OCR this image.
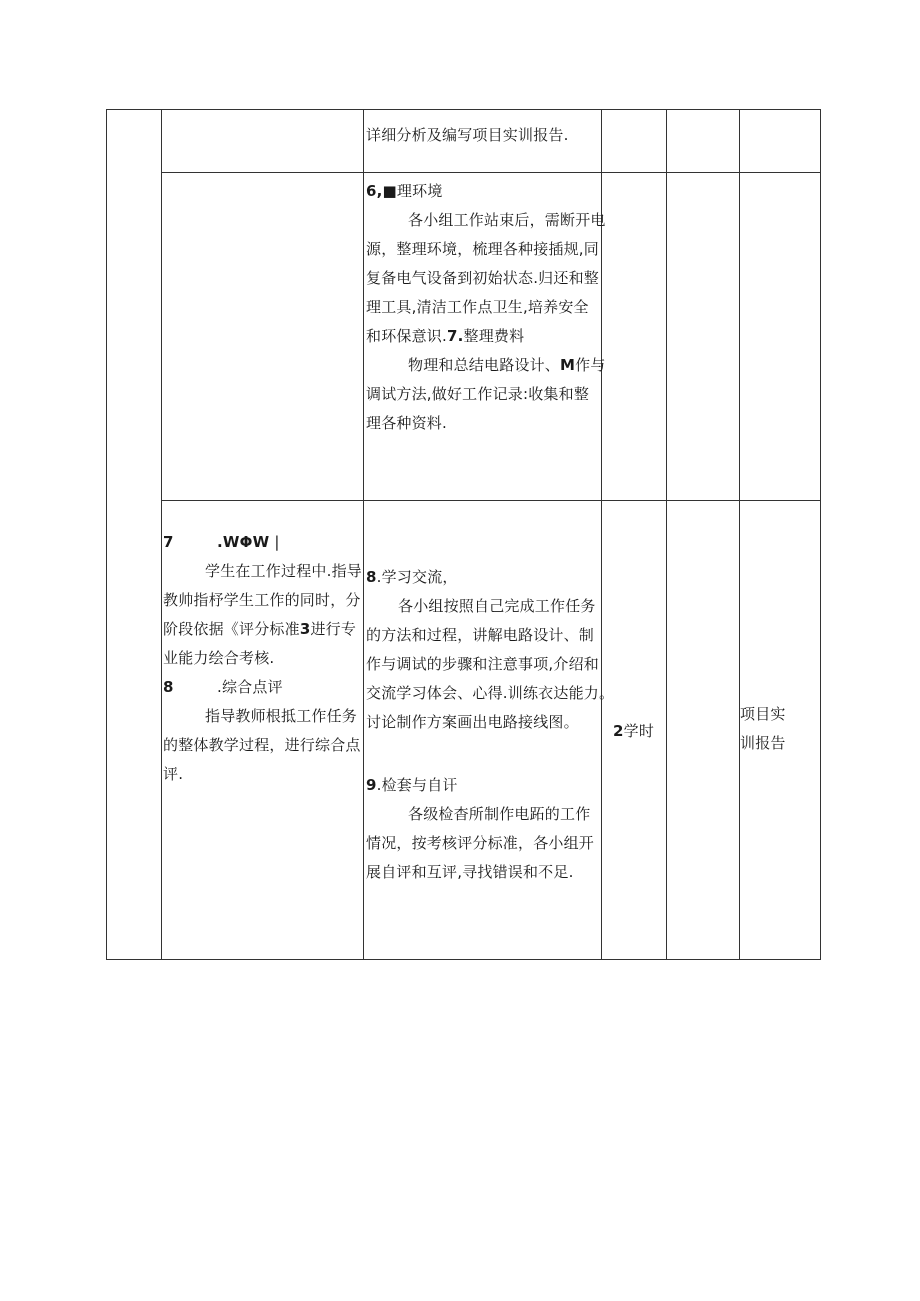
详细分析及编写项目实训报告.
6,■理环境
各小组工作站束后，需断开电
源，整理环境，梳理各种接插规,同
复备电气设备到初始状态.归还和整
理工具,清洁工作点卫生,培养安全
和环保意识.7.整理费料
物理和总结电路设计、M作与
调试方法,做好工作记录:收集和整
理各种资料.
7	.WΦW |
学生在工作过程中.指导
教帅指杼学生工作的同时，分
阶段依据《评分标准3进行专
业能力绘合考核.
8	.综合点评
指导教师根抵工作任务
的整体教学过程，进行综合点
评.
8.学习交流，
各小组按照自己完成工作任务
的方法和过程，讲解电路设计、制
作与调试的步骤和注意事项,介绍和
交流学习体会、心得.训练衣达能力。
讨论制作方案画出电路接线图。
9.检套与自讦
各级检杳所制作电跖的工作
情况，按考核评分标准，各小组开
展自评和互评,寻找错误和不足.
2学时
项目实
训报告
